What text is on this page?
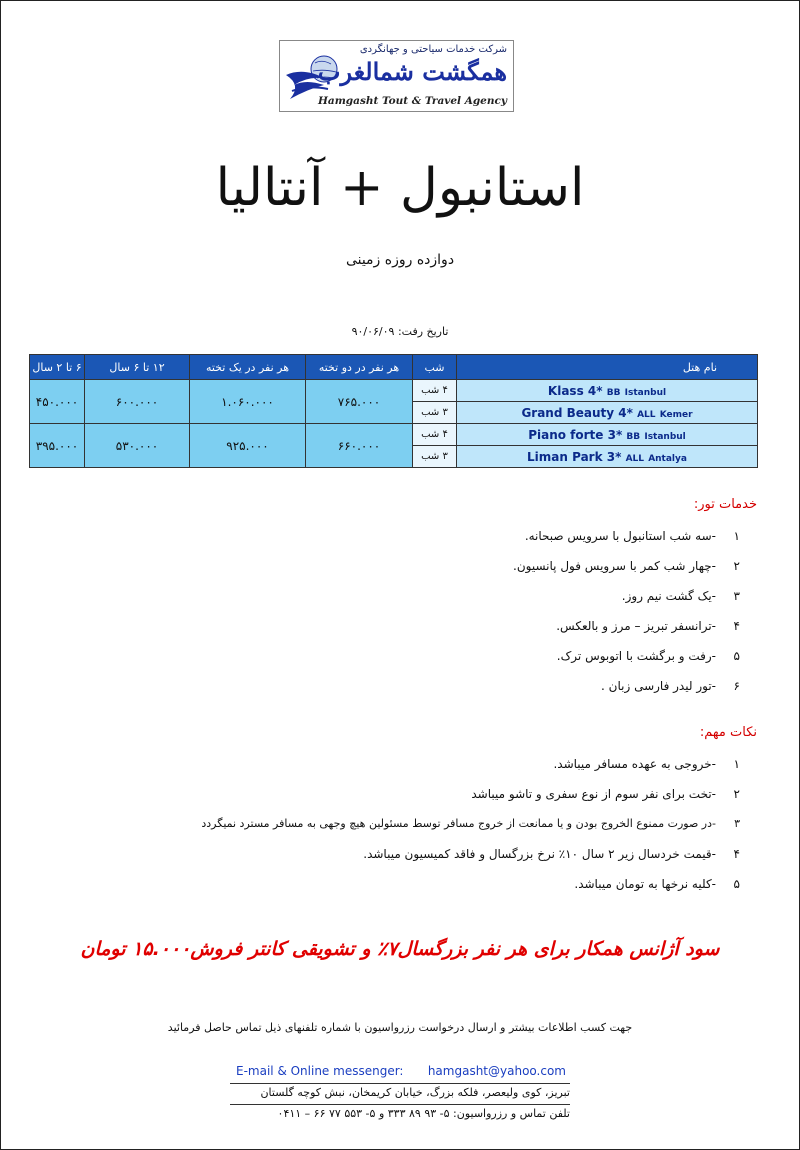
شرکت خدمات سیاحتی و جهانگردی
همگشت شمالغرب
Hamgasht Tout & Travel Agency
استانبول + آنتالیا
دوازده روزه زمینی
تاریخ رفت: ۹۰/۰۶/۰۹
نام هتل	شب	هر نفر در دو تخته	هر نفر در یک تخته	۱۲ تا ۶ سال	۶ تا ۲ سال
Klass 4* BB Istanbul	۴ شب	۷۶۵.۰۰۰	۱.۰۶۰.۰۰۰	۶۰۰.۰۰۰	۴۵۰.۰۰۰
Grand Beauty 4* ALL Kemer	۳ شب				
Piano forte 3* BB Istanbul	۴ شب	۶۶۰.۰۰۰	۹۲۵.۰۰۰	۵۳۰.۰۰۰	۳۹۵.۰۰۰
Liman Park 3* ALL Antalya	۳ شب				
خدمات تور:
۱-سه شب استانبول با سرویس صبحانه.
۲-چهار شب کمر با سرویس فول پانسیون.
۳-یک گشت نیم روز.
۴-ترانسفر تبریز – مرز و بالعکس.
۵-رفت و برگشت با اتوبوس ترک.
۶-تور لیدر فارسی زبان .
نکات مهم:
۱-خروجی به عهده مسافر میباشد.
۲-تخت برای نفر سوم از نوع سفری و تاشو میباشد
۳-در صورت ممنوع الخروج بودن و یا ممانعت از خروج مسافر توسط مسئولین هیچ وجهی به مسافر مسترد نمیگردد
۴-قیمت خردسال زیر ۲ سال ۱۰٪ نرخ بزرگسال و فاقد کمیسیون میباشد.
۵-کلیه نرخها به تومان میباشد.
سود آژانس همکار برای هر نفر بزرگسال۷٪ و تشویقی کانتر فروش۱۵.۰۰۰ تومان
جهت کسب اطلاعات بیشتر و ارسال درخواست رزرواسیون با شماره تلفنهای ذیل تماس حاصل فرمائید
E-mail & Online messenger: hamgasht@yahoo.com
تبریز، کوی ولیعصر، فلکه بزرگ، خیابان کریمخان، نبش کوچه گلستان
تلفن تماس و رزرواسیون: ۵- ۹۳ ۸۹ ۳۳۳ و ۵- ۵۵۳ ۷۷ ۶۶ – ۰۴۱۱
